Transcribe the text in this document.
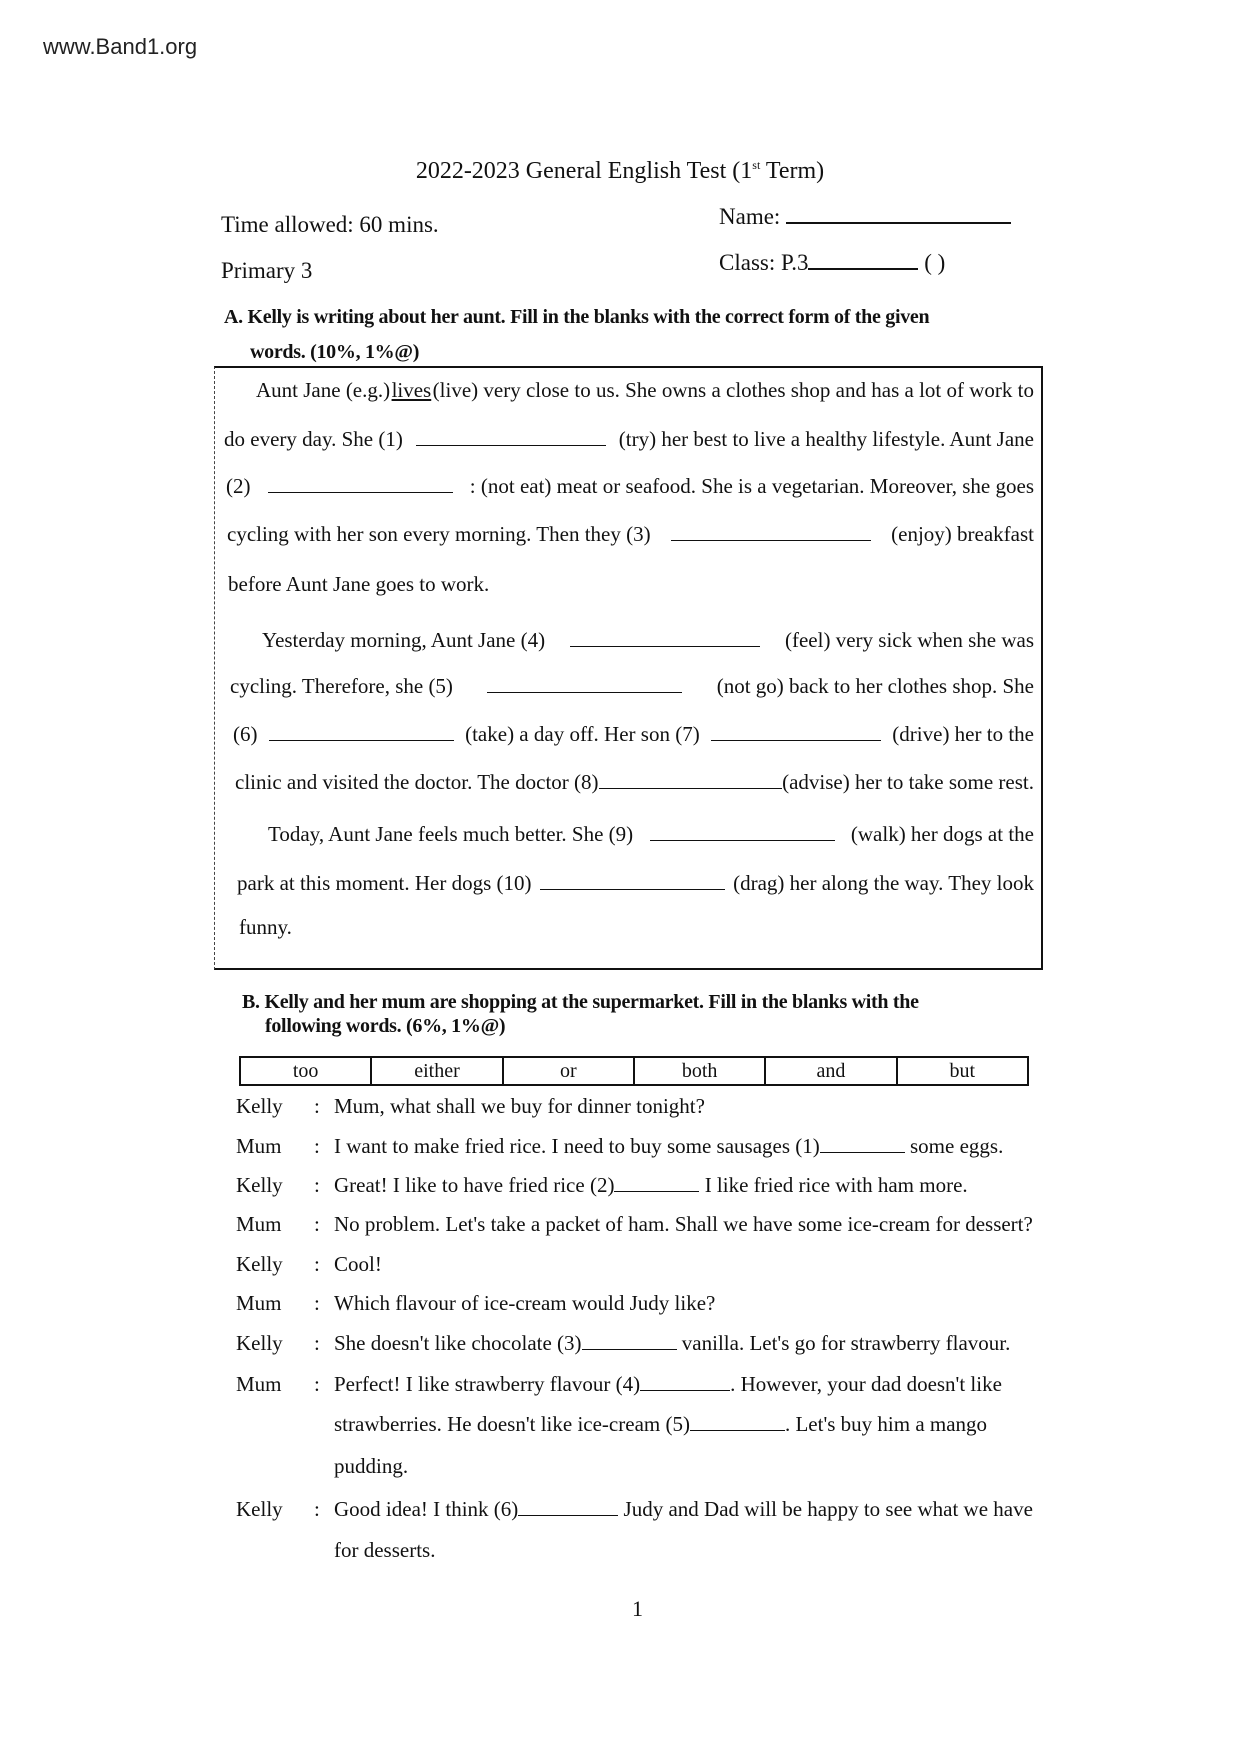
www.Band1.org
2022-2023 General English Test (1st Term)
Time allowed: 60 mins.
Primary 3
Name:
Class: P.3	( )
A. Kelly is writing about her aunt. Fill in the blanks with the correct form of the given
words. (10%, 1%@)
Aunt Jane (e.g.) lives (live) very close to us. She owns a clothes shop and has a lot of work to
do every day. She (1)	(try) her best to live a healthy lifestyle. Aunt Jane
(2)	: (not eat) meat or seafood. She is a vegetarian. Moreover, she goes
cycling with her son every morning. Then they (3)	(enjoy) breakfast
before Aunt Jane goes to work.
Yesterday morning, Aunt Jane (4)	(feel) very sick when she was
cycling. Therefore, she (5)	(not go) back to her clothes shop. She
(6)	(take) a day off. Her son (7)	(drive) her to the
clinic and visited the doctor. The doctor (8)	(advise) her to take some rest.
Today, Aunt Jane feels much better. She (9)	(walk) her dogs at the
park at this moment. Her dogs (10)	(drag) her along the way. They look
funny.
B. Kelly and her mum are shopping at the supermarket. Fill in the blanks with the
following words. (6%, 1%@)
too	either	or	both	and	but
Kelly : Mum, what shall we buy for dinner tonight?
Mum : I want to make fried rice. I need to buy some sausages (1)	some eggs.
Kelly : Great! I like to have fried rice (2)	I like fried rice with ham more.
Mum : No problem. Let's take a packet of ham. Shall we have some ice-cream for dessert?
Kelly : Cool!
Mum : Which flavour of ice-cream would Judy like?
Kelly : She doesn't like chocolate (3)	vanilla. Let's go for strawberry flavour.
Mum : Perfect! I like strawberry flavour (4)	. However, your dad doesn't like
strawberries. He doesn't like ice-cream (5)	. Let's buy him a mango
pudding.
Kelly : Good idea! I think (6)	Judy and Dad will be happy to see what we have
for desserts.
1
